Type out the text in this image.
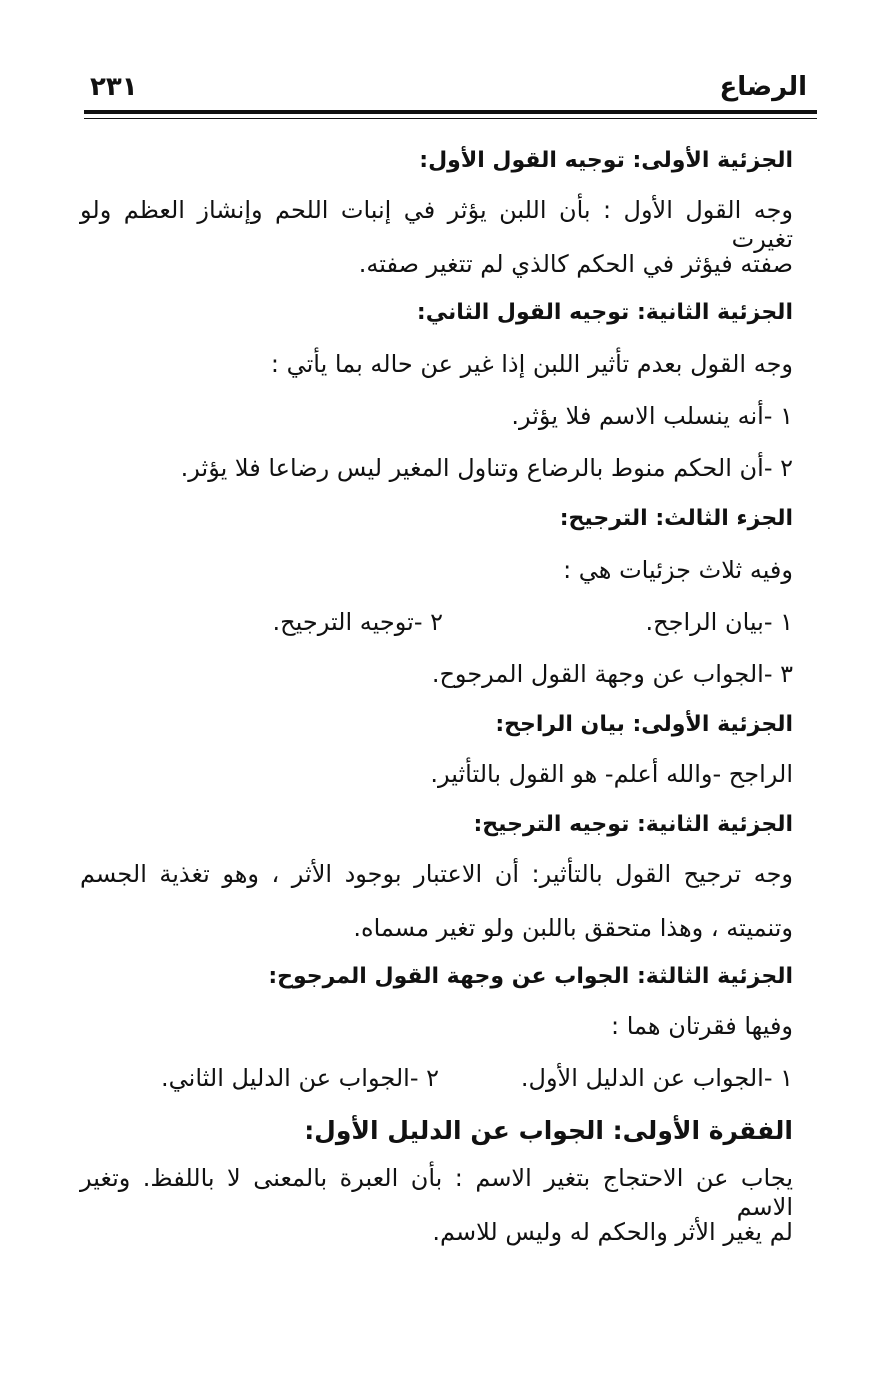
الرضاع
٢٣١
الجزئية الأولى: توجيه القول الأول:
وجه القول الأول : بأن اللبن يؤثر في إنبات اللحم وإنشاز العظم ولو تغيرت
صفته فيؤثر في الحكم كالذي لم تتغير صفته.
الجزئية الثانية: توجيه القول الثاني:
وجه القول بعدم تأثير اللبن إذا غير عن حاله بما يأتي :
١ -أنه ينسلب الاسم فلا يؤثر.
٢ -أن الحكم منوط بالرضاع وتناول المغير ليس رضاعا فلا يؤثر.
الجزء الثالث: الترجيح:
وفيه ثلاث جزئيات هي :
١ -بيان الراجح.
٢ -توجيه الترجيح.
٣ -الجواب عن وجهة القول المرجوح.
الجزئية الأولى: بيان الراجح:
الراجح -والله أعلم- هو القول بالتأثير.
الجزئية الثانية: توجيه الترجيح:
وجه ترجيح القول بالتأثير: أن الاعتبار بوجود الأثر ، وهو تغذية الجسم
وتنميته ، وهذا متحقق باللبن ولو تغير مسماه.
الجزئية الثالثة: الجواب عن وجهة القول المرجوح:
وفيها فقرتان هما :
١ -الجواب عن الدليل الأول.
٢ -الجواب عن الدليل الثاني.
الفقرة الأولى: الجواب عن الدليل الأول:
يجاب عن الاحتجاج بتغير الاسم : بأن العبرة بالمعنى لا باللفظ. وتغير الاسم
لم يغير الأثر والحكم له وليس للاسم.
